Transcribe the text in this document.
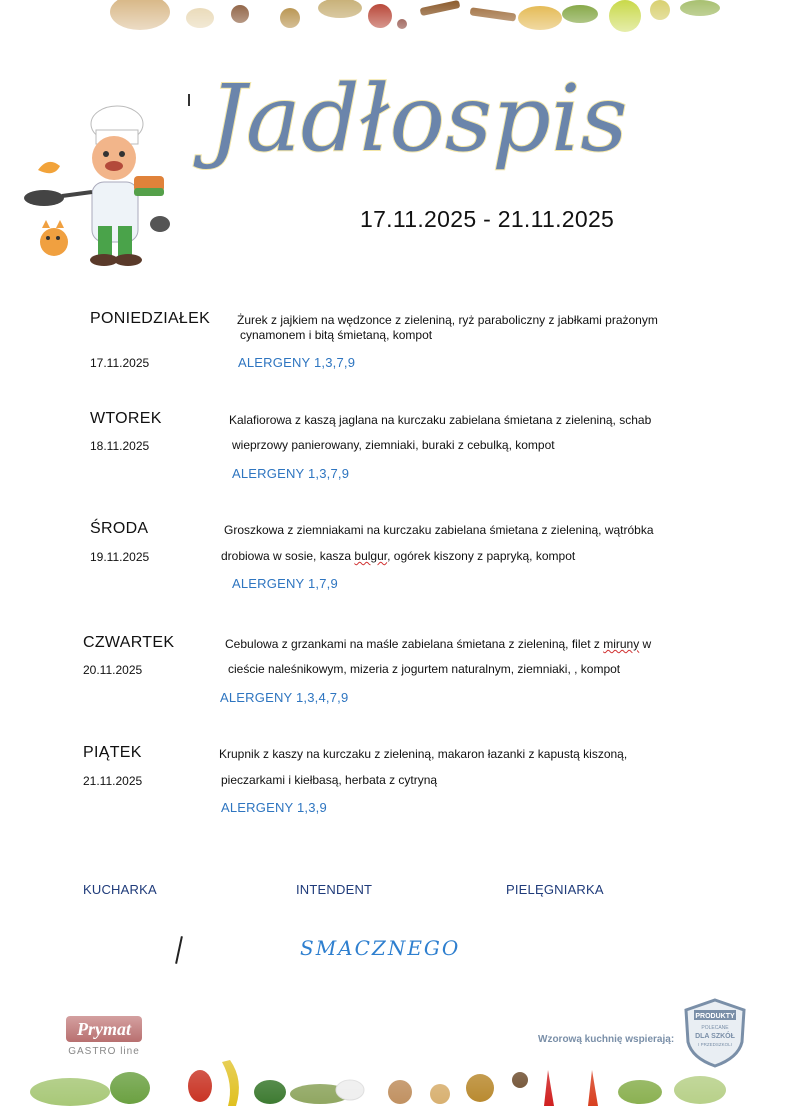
Jadłospis
17.11.2025 - 21.11.2025
PONIEDZIAŁEK
17.11.2025
Żurek z jajkiem na wędzonce z zieleniną, ryż paraboliczny z jabłkami prażonym
cynamonem i bitą śmietaną, kompot
ALERGENY 1,3,7,9
WTOREK
18.11.2025
Kalafiorowa z kaszą jaglana na kurczaku zabielana śmietana z zieleniną, schab
wieprzowy panierowany, ziemniaki, buraki z cebulką, kompot
ALERGENY 1,3,7,9
ŚRODA
19.11.2025
Groszkowa z ziemniakami na kurczaku zabielana śmietana z zieleniną, wątróbka
drobiowa w sosie, kasza bulgur, ogórek kiszony z papryką, kompot
ALERGENY 1,7,9
CZWARTEK
20.11.2025
Cebulowa z grzankami na maśle zabielana śmietana z zieleniną, filet z miruny w
cieście naleśnikowym, mizeria z jogurtem naturalnym, ziemniaki, , kompot
ALERGENY 1,3,4,7,9
PIĄTEK
21.11.2025
Krupnik z kaszy na kurczaku z zieleniną, makaron łazanki z kapustą kiszoną,
pieczarkami i kiełbasą, herbata z cytryną
ALERGENY 1,3,9
KUCHARKA	INTENDENT	PIELĘGNIARKA
SMACZNEGO
Prymat
GASTRO line
Wzorową kuchnię wspierają:
PRODUKTY
POLECANE
DLA SZKÓŁ
I PRZEDSZKOLI
